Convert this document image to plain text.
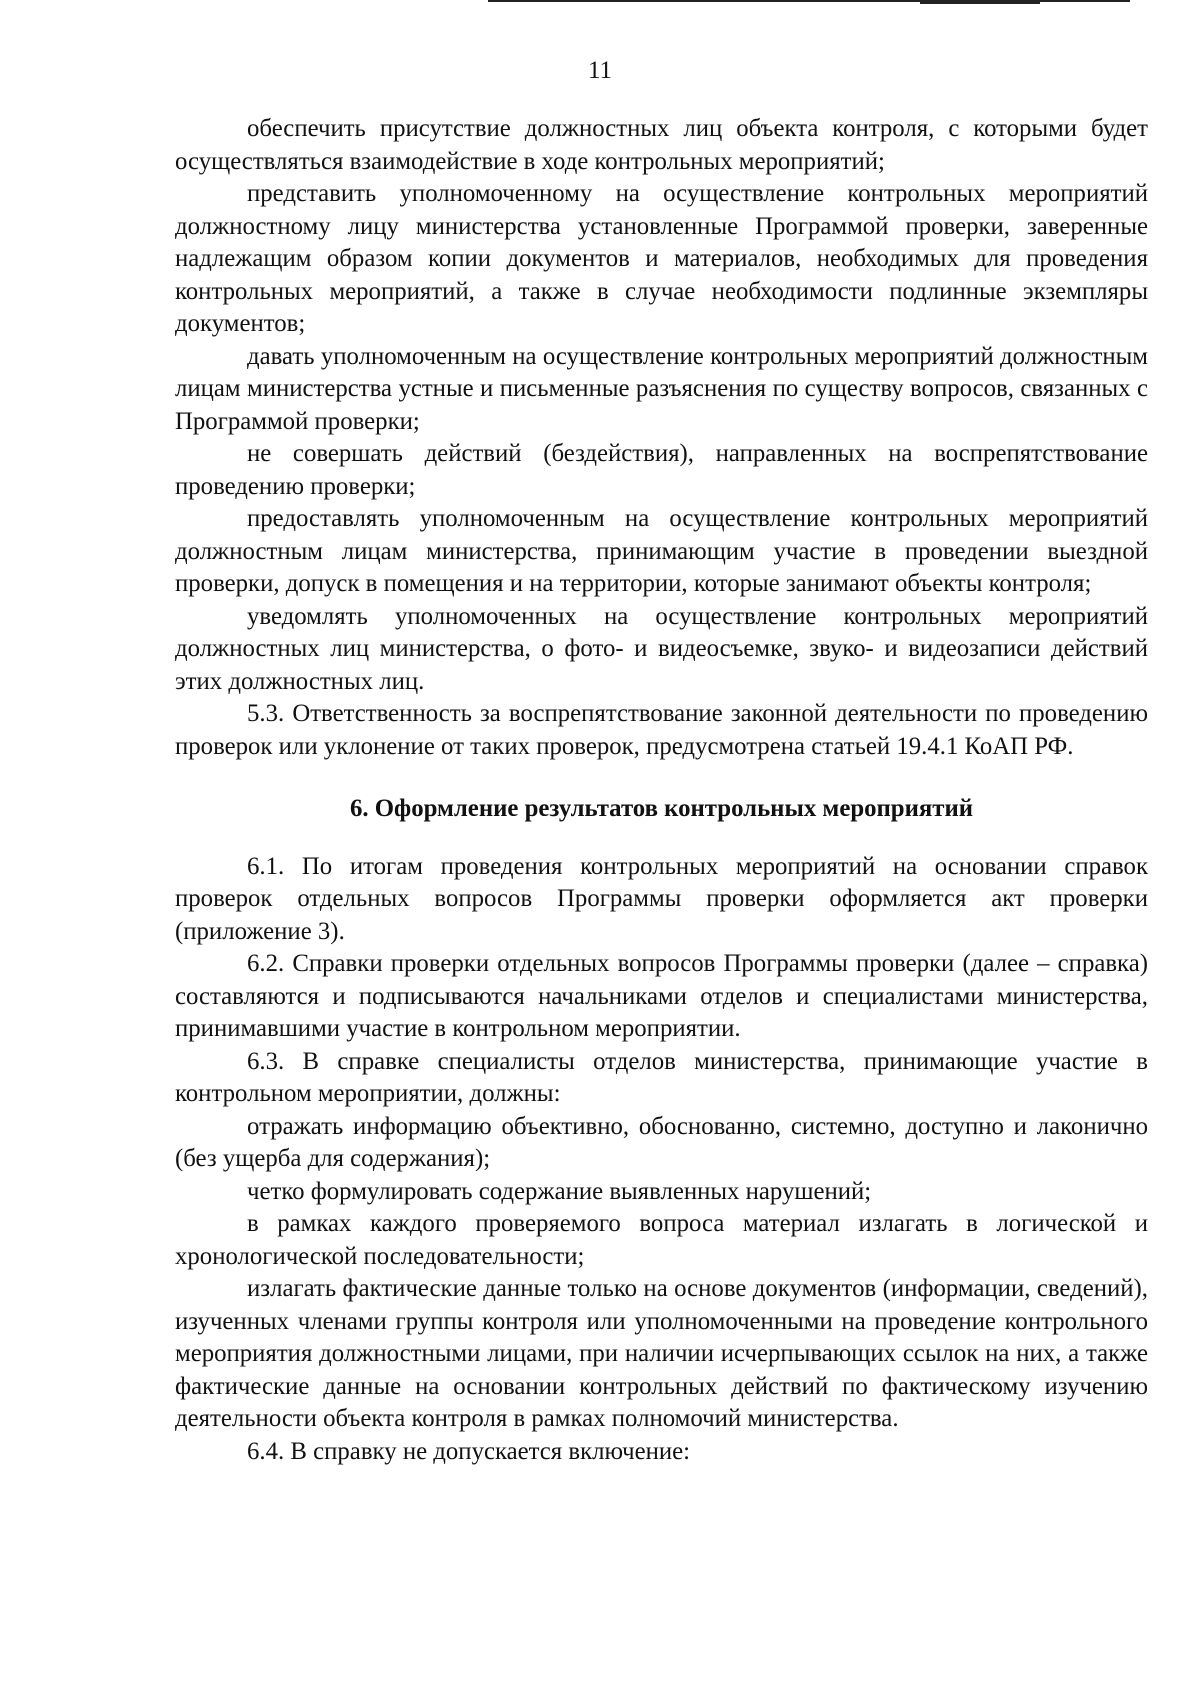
11

обеспечить присутствие должностных лиц объекта контроля, с которыми будет осуществляться взаимодействие в ходе контрольных мероприятий;

представить уполномоченному на осуществление контрольных мероприятий должностному лицу министерства установленные Программой проверки, заверенные надлежащим образом копии документов и материалов, необходимых для проведения контрольных мероприятий, а также в случае необходимости подлинные экземпляры документов;

давать уполномоченным на осуществление контрольных мероприятий должностным лицам министерства устные и письменные разъяснения по существу вопросов, связанных с Программой проверки;

не совершать действий (бездействия), направленных на воспрепятствование проведению проверки;

предоставлять уполномоченным на осуществление контрольных мероприятий должностным лицам министерства, принимающим участие в проведении выездной проверки, допуск в помещения и на территории, которые занимают объекты контроля;

уведомлять уполномоченных на осуществление контрольных мероприятий должностных лиц министерства, о фото- и видеосъемке, звуко- и видеозаписи действий этих должностных лиц.

5.3. Ответственность за воспрепятствование законной деятельности по проведению проверок или уклонение от таких проверок, предусмотрена статьей 19.4.1 КоАП РФ.

6. Оформление результатов контрольных мероприятий

6.1. По итогам проведения контрольных мероприятий на основании справок проверок отдельных вопросов Программы проверки оформляется акт проверки (приложение 3).

6.2. Справки проверки отдельных вопросов Программы проверки (далее – справка) составляются и подписываются начальниками отделов и специалистами министерства, принимавшими участие в контрольном мероприятии.

6.3. В справке специалисты отделов министерства, принимающие участие в контрольном мероприятии, должны:

отражать информацию объективно, обоснованно, системно, доступно и лаконично (без ущерба для содержания);

четко формулировать содержание выявленных нарушений;

в рамках каждого проверяемого вопроса материал излагать в логической и хронологической последовательности;

излагать фактические данные только на основе документов (информации, сведений), изученных членами группы контроля или уполномоченными на проведение контрольного мероприятия должностными лицами, при наличии исчерпывающих ссылок на них, а также фактические данные на основании контрольных действий по фактическому изучению деятельности объекта контроля в рамках полномочий министерства.

6.4. В справку не допускается включение:
